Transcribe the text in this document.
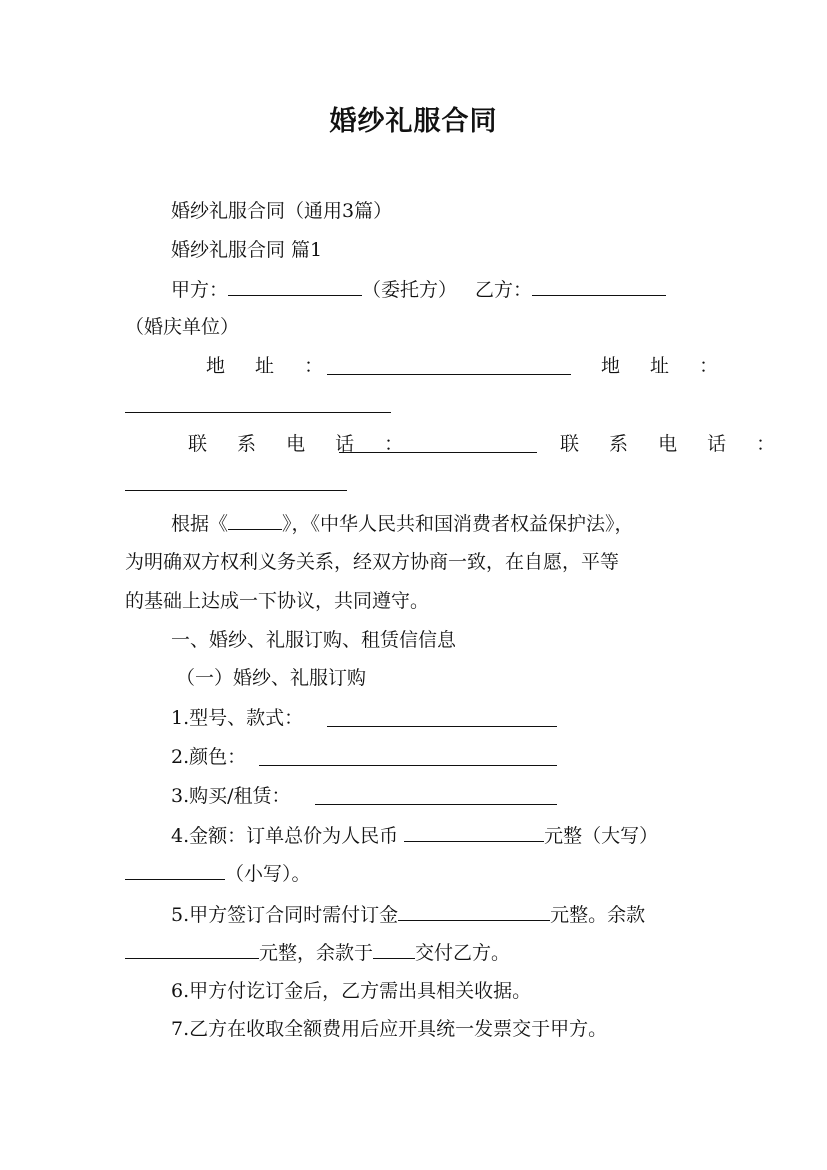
婚纱礼服合同
婚纱礼服合同（通用3篇）
婚纱礼服合同 篇1
甲方：	（委托方） 乙方：
（婚庆单位）
地 址 ：	地 址 ：
联 系 电 话 ：	联 系 电 话 ：
根据《	》，《中华人民共和国消费者权益保护法》，
为明确双方权利义务关系，经双方协商一致，在自愿，平等
的基础上达成一下协议，共同遵守。
一、婚纱、礼服订购、租赁信信息
（一）婚纱、礼服订购
1.型号、款式：
2.颜色：
3.购买/租赁：
4.金额：订单总价为人民币	元整（大写）
（小写）。
5.甲方签订合同时需付订金	元整。余款
元整，余款于 交付乙方。
6.甲方付讫订金后，乙方需出具相关收据。
7.乙方在收取全额费用后应开具统一发票交于甲方。
